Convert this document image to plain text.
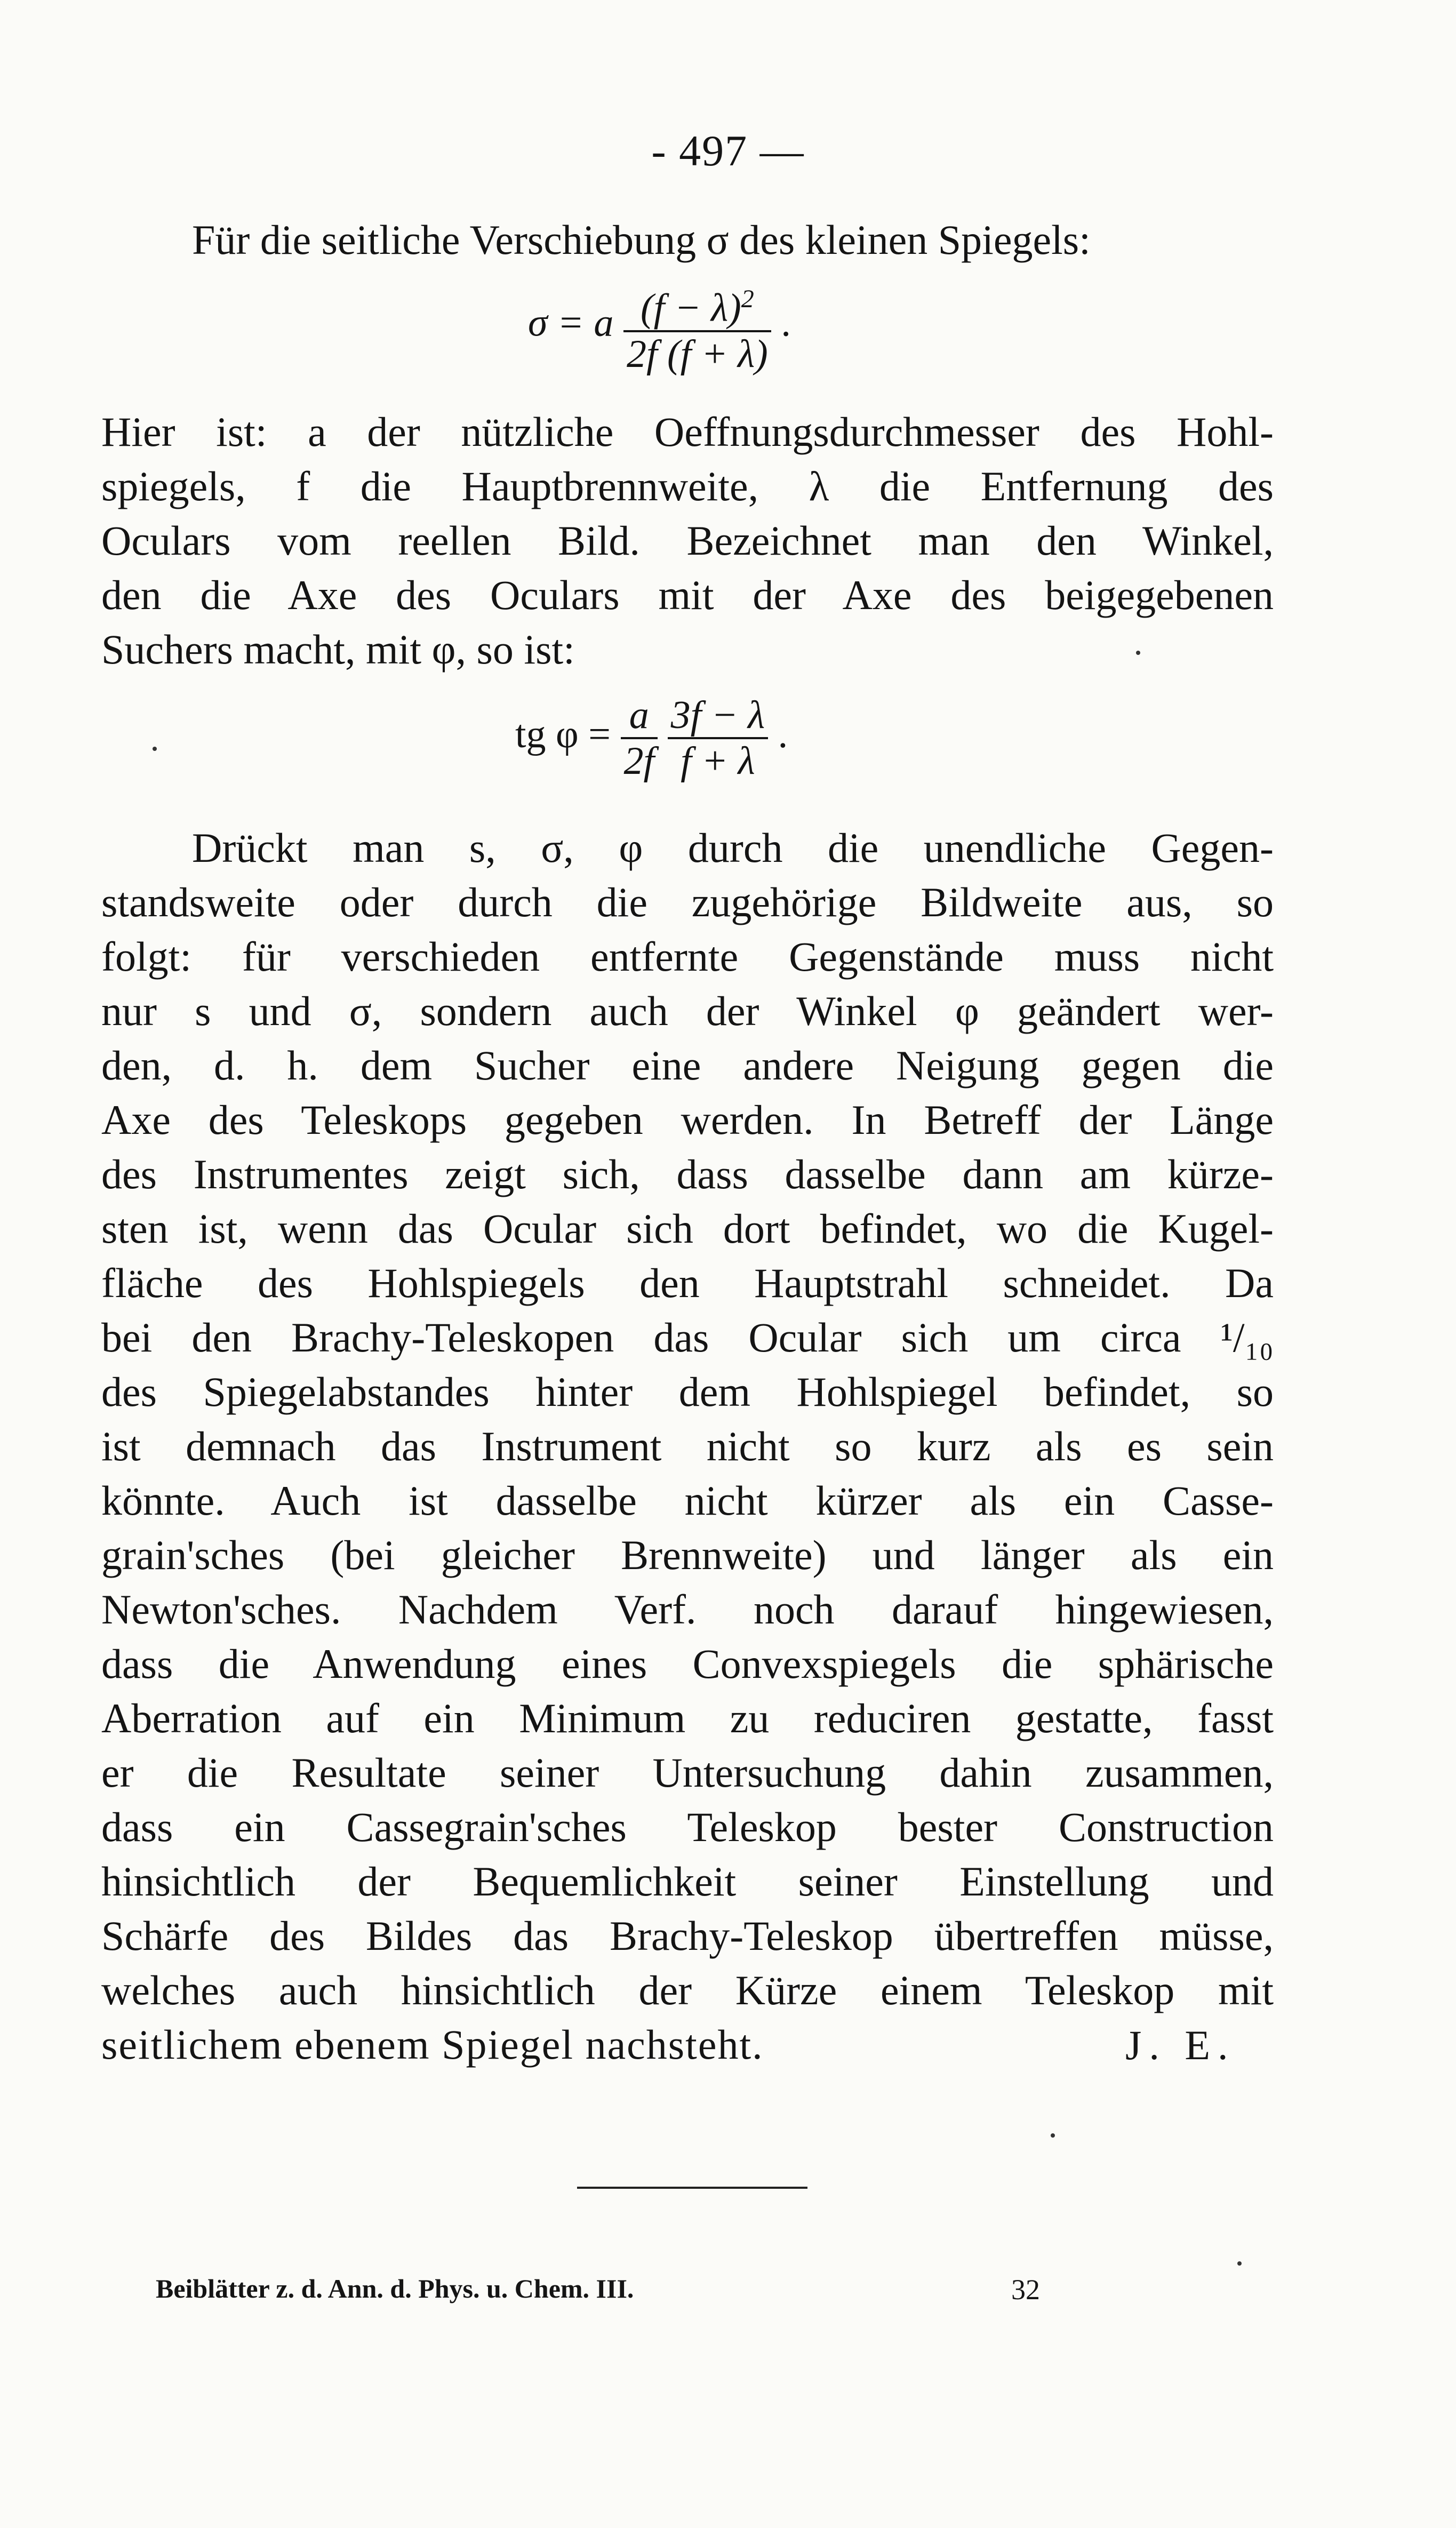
- 497 —
Für die seitliche Verschiebung σ des kleinen Spiegels:
σ = a $\frac{(f - \lambda)^2}{2f (f + \lambda)}$ .
Hier ist: a der nützliche Oeffnungsdurchmesser des Hohl-
spiegels, f die Hauptbrennweite, λ die Entfernung des
Oculars vom reellen Bild. Bezeichnet man den Winkel,
den die Axe des Oculars mit der Axe des beigegebenen
Suchers macht, mit φ, so ist:
tg $\varphi = \frac{a}{2f}$
$\frac{3f - \lambda}{f + \lambda}$ .
Drückt man s, σ, φ durch die unendliche Gegen-
standsweite oder durch die zugehörige Bildweite aus, so
folgt: für verschieden entfernte Gegenstände muss nicht
nur s und σ, sondern auch der Winkel φ geändert wer-
den, d. h. dem Sucher eine andere Neigung gegen die
Axe des Teleskops gegeben werden. In Betreff der Länge
des Instrumentes zeigt sich, dass dasselbe dann am kürze-
sten ist, wenn das Ocular sich dort befindet, wo die Kugel-
fläche des Hohlspiegels den Hauptstrahl schneidet. Da
bei den Brachy-Teleskopen das Ocular sich um circa ¹/₁₀
des Spiegelabstandes hinter dem Hohlspiegel befindet, so
ist demnach das Instrument nicht so kurz als es sein
könnte. Auch ist dasselbe nicht kürzer als ein Casse-
grain'sches (bei gleicher Brennweite) und länger als ein
Newton'sches. Nachdem Verf. noch darauf hingewiesen,
dass die Anwendung eines Convexspiegels die sphärische
Aberration auf ein Minimum zu reduciren gestatte, fasst
er die Resultate seiner Untersuchung dahin zusammen,
dass ein Cassegrain'sches Teleskop bester Construction
hinsichtlich der Bequemlichkeit seiner Einstellung und
Schärfe des Bildes das Brachy-Teleskop übertreffen müsse,
welches auch hinsichtlich der Kürze einem Teleskop mit
seitlichem ebenem Spiegel nachsteht.	J. E.
Beiblätter z. d. Ann. d. Phys. u. Chem. III.	32
